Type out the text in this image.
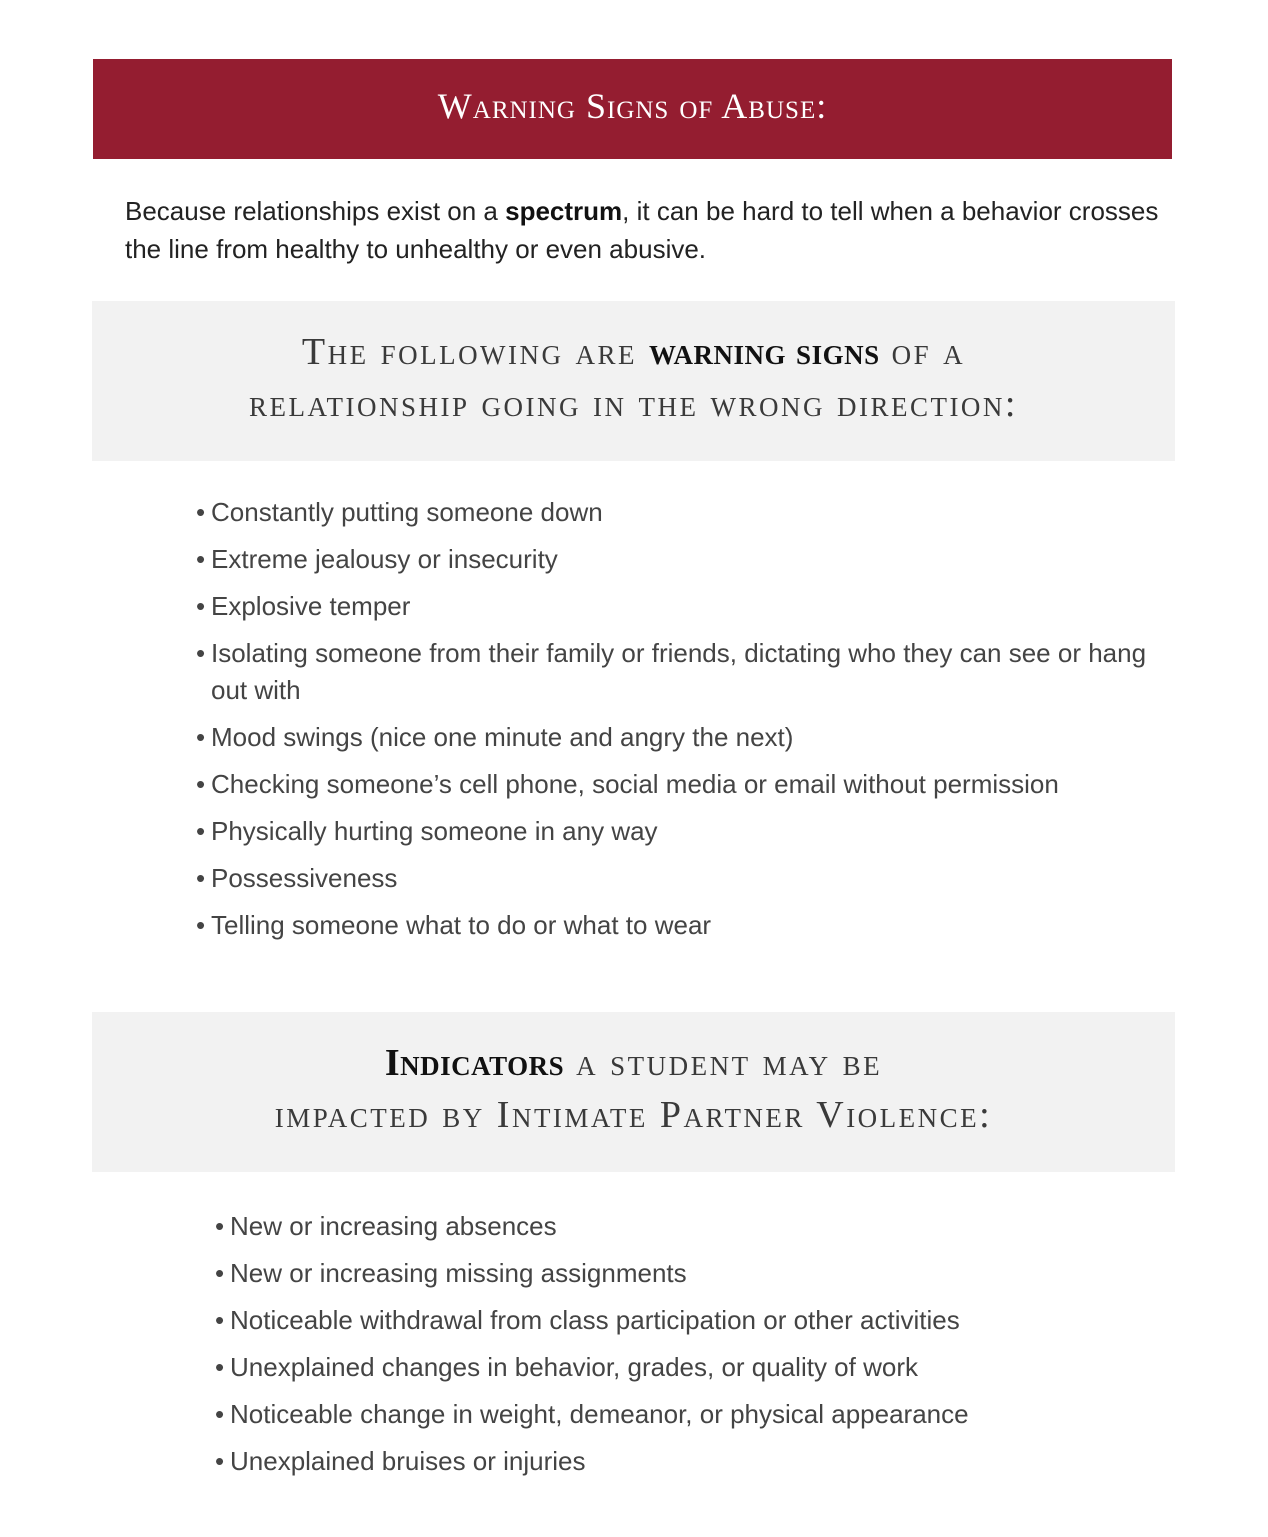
Warning Signs of Abuse:

Because relationships exist on a spectrum, it can be hard to tell when a behavior crosses the line from healthy to unhealthy or even abusive.

The following are warning signs of a
relationship going in the wrong direction:
• Constantly putting someone down
• Extreme jealousy or insecurity
• Explosive temper
• Isolating someone from their family or friends, dictating who they can see or hang out with
• Mood swings (nice one minute and angry the next)
• Checking someone’s cell phone, social media or email without permission
• Physically hurting someone in any way
• Possessiveness
• Telling someone what to do or what to wear
Indicators a student may be
impacted by Intimate Partner Violence:
• New or increasing absences
• New or increasing missing assignments
• Noticeable withdrawal from class participation or other activities
• Unexplained changes in behavior, grades, or quality of work
• Noticeable change in weight, demeanor, or physical appearance
• Unexplained bruises or injuries
